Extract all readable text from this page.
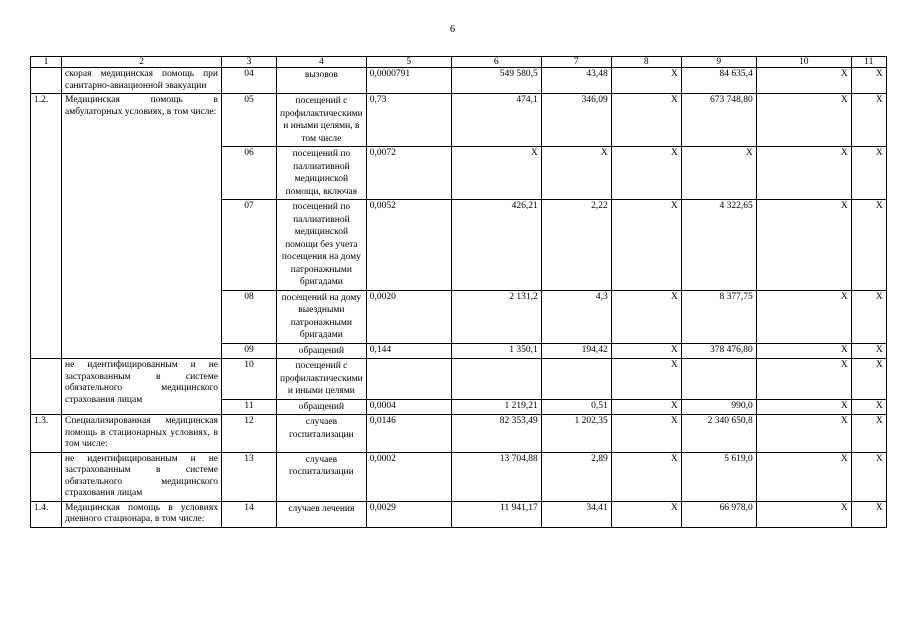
6
1	2	3	4	5	6	7	8	9	10	11
	скорая медицинская помощь при санитарно-авиационной эвакуации	04	вызовов	0,0000791	549 580,5	43,48	X	84 635,4	X	X
1.2.	Медицинская помощь в амбулаторных условиях, в том числе:	05	посещений с профилактическими и иными целями, в том числе	0,73	474,1	346,09	X	673 748,80	X	X
		06	посещений по паллиативной медицинской помощи, включая	0,0072	X	X	X	X	X	X
		07	посещений по паллиативной медицинской помощи без учета посещения на дому патронажными бригадами	0,0052	426,21	2,22	X	4 322,65	X	X
		08	посещений на дому выездными патронажными бригадами	0,0020	2 131,2	4,3	X	8 377,75	X	X
		09	обращений	0,144	1 350,1	194,42	X	378 476,80	X	X
	не идентифицированным и не застрахованным в системе обязательного медицинского страхования лицам	10	посещений с профилактическими и иными целями				X		X	X
		11	обращений	0,0004	1 219,21	0,51	X	990,0	X	X
1.3.	Специализированная медицинская помощь в стационарных условиях, в том числе:	12	случаев госпитализации	0,0146	82 353,49	1 202,35	X	2 340 650,8	X	X
	не идентифицированным и не застрахованным в системе обязательного медицинского страхования лицам	13	случаев госпитализации	0,0002	13 704,88	2,89	X	5 619,0	X	X
1.4.	Медицинская помощь в условиях дневного стационара, в том числе:	14	случаев лечения	0,0029	11 941,17	34,41	X	66 978,0	X	X
